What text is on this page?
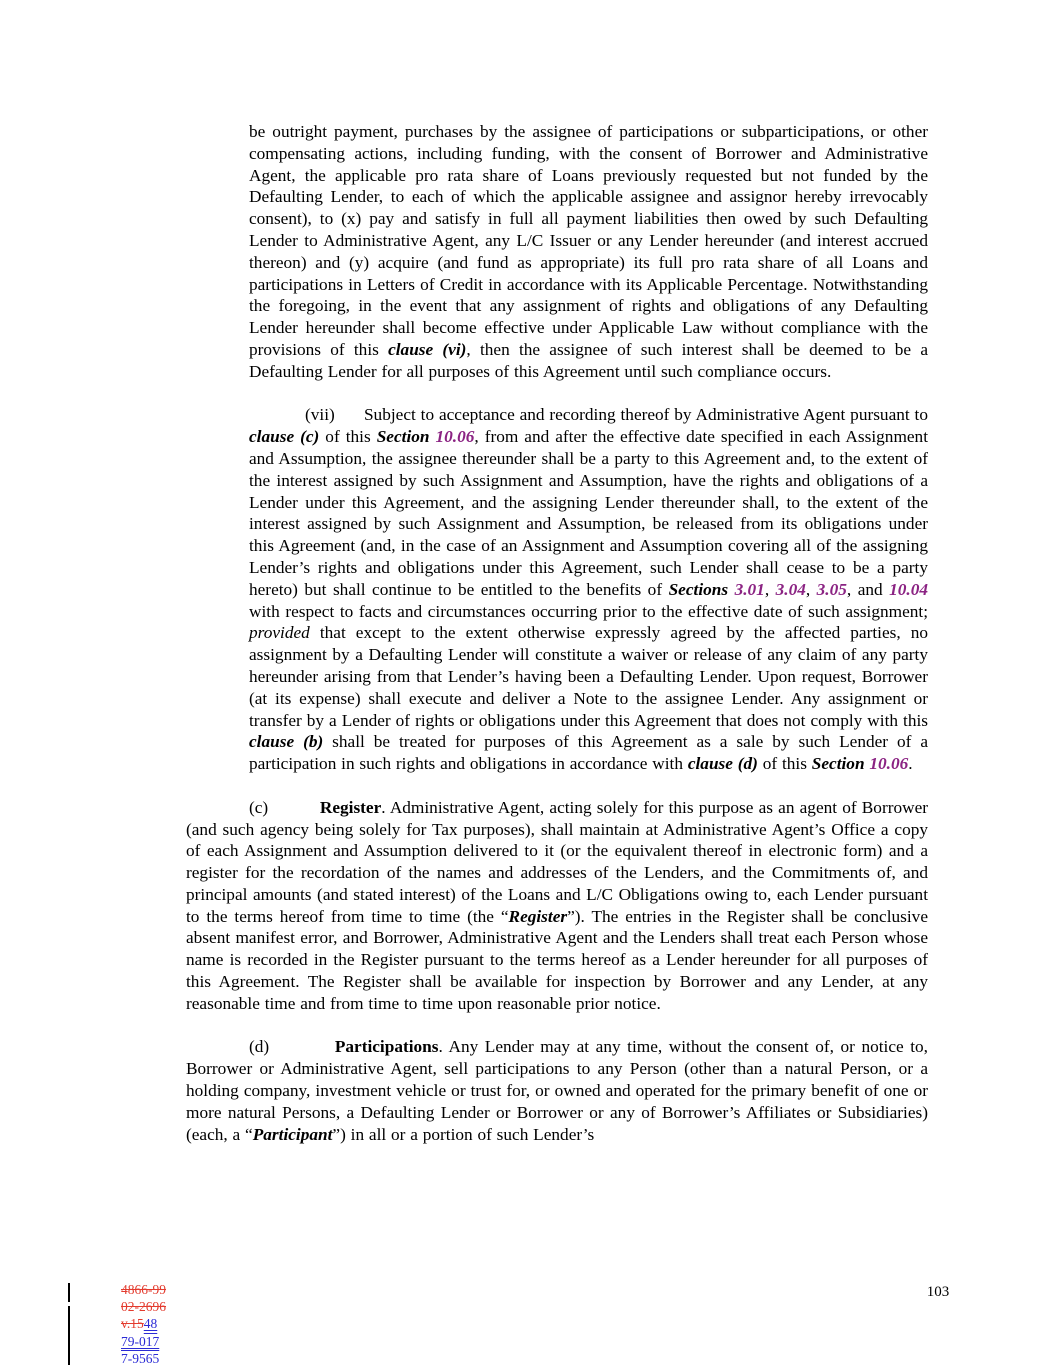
be outright payment, purchases by the assignee of participations or subparticipations, or other compensating actions, including funding, with the consent of Borrower and Administrative Agent, the applicable pro rata share of Loans previously requested but not funded by the Defaulting Lender, to each of which the applicable assignee and assignor hereby irrevocably consent), to (x) pay and satisfy in full all payment liabilities then owed by such Defaulting Lender to Administrative Agent, any L/C Issuer or any Lender hereunder (and interest accrued thereon) and (y) acquire (and fund as appropriate) its full pro rata share of all Loans and participations in Letters of Credit in accordance with its Applicable Percentage. Notwithstanding the foregoing, in the event that any assignment of rights and obligations of any Defaulting Lender hereunder shall become effective under Applicable Law without compliance with the provisions of this clause (vi), then the assignee of such interest shall be deemed to be a Defaulting Lender for all purposes of this Agreement until such compliance occurs.

(vii)      Subject to acceptance and recording thereof by Administrative Agent pursuant to clause (c) of this Section 10.06, from and after the effective date specified in each Assignment and Assumption, the assignee thereunder shall be a party to this Agreement and, to the extent of the interest assigned by such Assignment and Assumption, have the rights and obligations of a Lender under this Agreement, and the assigning Lender thereunder shall, to the extent of the interest assigned by such Assignment and Assumption, be released from its obligations under this Agreement (and, in the case of an Assignment and Assumption covering all of the assigning Lender’s rights and obligations under this Agreement, such Lender shall cease to be a party hereto) but shall continue to be entitled to the benefits of Sections 3.01, 3.04, 3.05, and 10.04 with respect to facts and circumstances occurring prior to the effective date of such assignment; provided that except to the extent otherwise expressly agreed by the affected parties, no assignment by a Defaulting Lender will constitute a waiver or release of any claim of any party hereunder arising from that Lender’s having been a Defaulting Lender. Upon request, Borrower (at its expense) shall execute and deliver a Note to the assignee Lender. Any assignment or transfer by a Lender of rights or obligations under this Agreement that does not comply with this clause (b) shall be treated for purposes of this Agreement as a sale by such Lender of a participation in such rights and obligations in accordance with clause (d) of this Section 10.06.

(c)          Register. Administrative Agent, acting solely for this purpose as an agent of Borrower (and such agency being solely for Tax purposes), shall maintain at Administrative Agent’s Office a copy of each Assignment and Assumption delivered to it (or the equivalent thereof in electronic form) and a register for the recordation of the names and addresses of the Lenders, and the Commitments of, and principal amounts (and stated interest) of the Loans and L/C Obligations owing to, each Lender pursuant to the terms hereof from time to time (the “Register”). The entries in the Register shall be conclusive absent manifest error, and Borrower, Administrative Agent and the Lenders shall treat each Person whose name is recorded in the Register pursuant to the terms hereof as a Lender hereunder for all purposes of this Agreement. The Register shall be available for inspection by Borrower and any Lender, at any reasonable time and from time to time upon reasonable prior notice.

(d)          Participations. Any Lender may at any time, without the consent of, or notice to, Borrower or Administrative Agent, sell participations to any Person (other than a natural Person, or a holding company, investment vehicle or trust for, or owned and operated for the primary benefit of one or more natural Persons, a Defaulting Lender or Borrower or any of Borrower’s Affiliates or Subsidiaries) (each, a “Participant”) in all or a portion of such Lender’s

4866-99
02-2696
v.1548
79-017
7-9565
103
